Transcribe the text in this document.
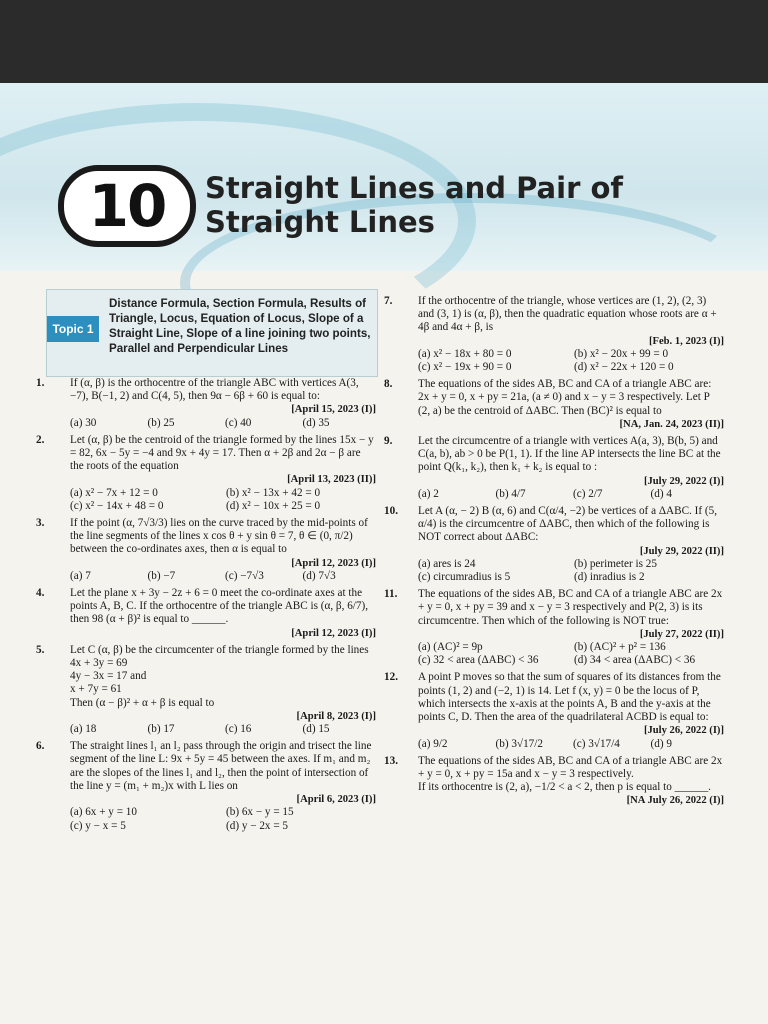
10	Straight Lines and Pair of Straight Lines
Topic 1
Distance Formula, Section Formula, Results of Triangle, Locus, Equation of Locus, Slope of a Straight Line, Slope of a line joining two points, Parallel and Perpendicular Lines
1.	If (α, β) is the orthocentre of the triangle ABC with vertices A(3, −7), B(−1, 2) and C(4, 5), then 9α − 6β + 60 is equal to:
[April 15, 2023 (I)]
(a) 30	(b) 25	(c) 40	(d) 35
2.	Let (α, β) be the centroid of the triangle formed by the lines 15x − y = 82, 6x − 5y = −4 and 9x + 4y = 17. Then α + 2β and 2α − β are the roots of the equation
[April 13, 2023 (II)]
(a) x² − 7x + 12 = 0	(b) x² − 13x + 42 = 0
(c) x² − 14x + 48 = 0	(d) x² − 10x + 25 = 0
3.	If the point (α, 7√3/3) lies on the curve traced by the mid-points of the line segments of the lines x cos θ + y sin θ = 7, θ ∈ (0, π/2) between the co-ordinates axes, then α is equal to
[April 12, 2023 (I)]
(a) 7	(b) −7	(c) −7√3	(d) 7√3
4.	Let the plane x + 3y − 2z + 6 = 0 meet the co-ordinate axes at the points A, B, C. If the orthocentre of the triangle ABC is (α, β, 6/7), then 98 (α + β)² is equal to ______.
[April 12, 2023 (I)]
5.	Let C (α, β) be the circumcenter of the triangle formed by the lines
4x + 3y = 69
4y − 3x = 17 and
x + 7y = 61
Then (α − β)² + α + β is equal to
[April 8, 2023 (I)]
(a) 18	(b) 17	(c) 16	(d) 15
6.	The straight lines l₁ an l₂ pass through the origin and trisect the line segment of the line L: 9x + 5y = 45 between the axes. If m₁ and m₂ are the slopes of the lines l₁ and l₂, then the point of intersection of the line y = (m₁ + m₂)x with L lies on
[April 6, 2023 (I)]
(a) 6x + y = 10	(b) 6x − y = 15
(c) y − x = 5	(d) y − 2x = 5
7.	If the orthocentre of the triangle, whose vertices are (1, 2), (2, 3) and (3, 1) is (α, β), then the quadratic equation whose roots are α + 4β and 4α + β, is
[Feb. 1, 2023 (I)]
(a) x² − 18x + 80 = 0	(b) x² − 20x + 99 = 0
(c) x² − 19x + 90 = 0	(d) x² − 22x + 120 = 0
8.	The equations of the sides AB, BC and CA of a triangle ABC are: 2x + y = 0, x + py = 21a, (a ≠ 0) and x − y = 3 respectively. Let P (2, a) be the centroid of ΔABC. Then (BC)² is equal to
[NA, Jan. 24, 2023 (II)]
9.	Let the circumcentre of a triangle with vertices A(a, 3), B(b, 5) and C(a, b), ab > 0 be P(1, 1). If the line AP intersects the line BC at the point Q(k₁, k₂), then k₁ + k₂ is equal to :
[July 29, 2022 (I)]
(a) 2	(b) 4/7	(c) 2/7	(d) 4
10.	Let A (α, − 2) B (α, 6) and C(α/4, −2) be vertices of a ΔABC. If (5, α/4) is the circumcentre of ΔABC, then which of the following is NOT correct about ΔABC:
[July 29, 2022 (II)]
(a) ares is 24	(b) perimeter is 25
(c) circumradius is 5	(d) inradius is 2
11.	The equations of the sides AB, BC and CA of a triangle ABC are 2x + y = 0, x + py = 39 and x − y = 3 respectively and P(2, 3) is its circumcentre. Then which of the following is NOT true:
[July 27, 2022 (II)]
(a) (AC)² = 9p	(b) (AC)² + p² = 136
(c) 32 < area (ΔABC) < 36	(d) 34 < area (ΔABC) < 36
12.	A point P moves so that the sum of squares of its distances from the points (1, 2) and (−2, 1) is 14. Let f (x, y) = 0 be the locus of P, which intersects the x-axis at the points A, B and the y-axis at the points C, D. Then the area of the quadrilateral ACBD is equal to:
[July 26, 2022 (I)]
(a) 9/2	(b) 3√17/2	(c) 3√17/4	(d) 9
13.	The equations of the sides AB, BC and CA of a triangle ABC are 2x + y = 0, x + py = 15a and x − y = 3 respectively.
If its orthocentre is (2, a), −1/2 < a < 2, then p is equal to ______.
[NA July 26, 2022 (I)]
